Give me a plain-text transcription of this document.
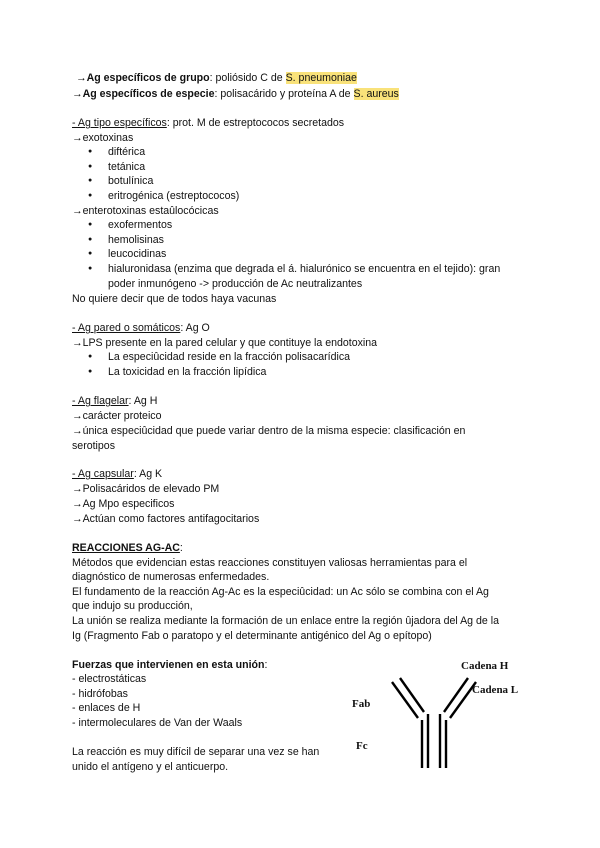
→Ag específicos de grupo: poliósido C de S. pneumoniae
→Ag específicos de especie: polisacárido y proteína A de S. aureus
- Ag tipo específicos: prot. M de estreptococos secretados
→exotoxinas
diftérica
tetánica
botulínica
eritrogénica (estreptococos)
→enterotoxinas estaûlocócicas
exofermentos
hemolisinas
leucocidinas
hialuronidasa (enzima que degrada el á. hialurónico se encuentra en el tejido): gran
poder inmunógeno -> producción de Ac neutralizantes
No quiere decir que de todos haya vacunas
- Ag pared o somáticos: Ag O
→LPS presente en la pared celular y que contituye la endotoxina
La especiûcidad reside en la fracción polisacarídica
La toxicidad en la fracción lipídica
- Ag flagelar: Ag H
→carácter proteico
→única especiûcidad que puede variar dentro de la misma especie: clasificación en
serotipos
- Ag capsular: Ag K
→Polisacáridos de elevado PM
→Ag Mpo especificos
→Actúan como factores antifagocitarios
REACCIONES AG-AC:
Métodos que evidencian estas reacciones constituyen valiosas herramientas para el
diagnóstico de numerosas enfermedades.
El fundamento de la reacción Ag-Ac es la especiûcidad: un Ac sólo se combina con el Ag
que indujo su producción,
La unión se realiza mediante la formación de un enlace entre la región ûjadora del Ag de la
Ig (Fragmento Fab o paratopo y el determinante antigénico del Ag o epítopo)
Fuerzas que intervienen en esta unión:
- electrostáticas
- hidrófobas
- enlaces de H
- intermoleculares de Van der Waals
La reacción es muy difícil de separar una vez se han
unido el antígeno y el anticuerpo.
Cadena H
Cadena L
Fab
Fc
